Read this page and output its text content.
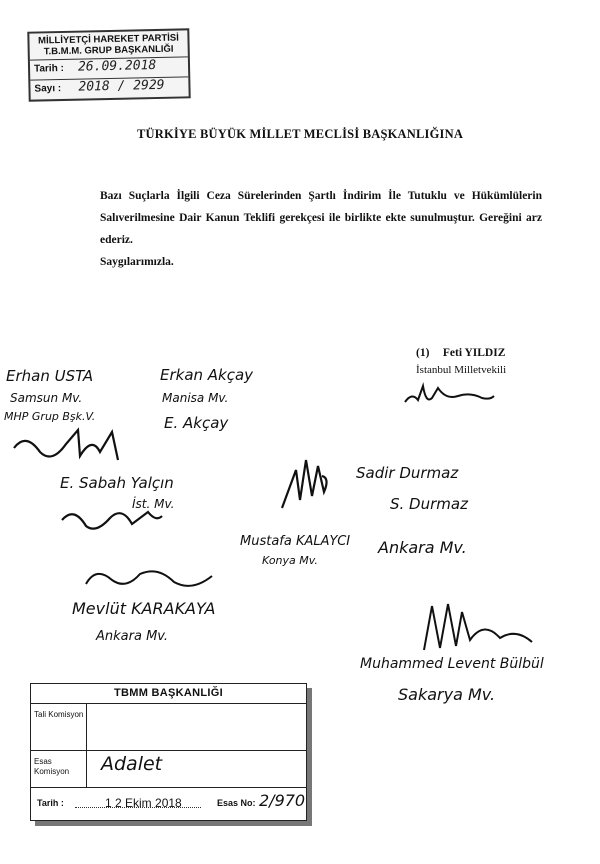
MİLLİYETÇİ HAREKET PARTİSİ
T.B.M.M. GRUP BAŞKANLIĞI
Tarih : 26.09.2018
Sayı : 2018 / 2929
TÜRKİYE BÜYÜK MİLLET MECLİSİ BAŞKANLIĞINA

Bazı Suçlarla İlgili Ceza Sürelerinden Şartlı İndirim İle Tutuklu ve Hükümlülerin Salıverilmesine Dair Kanun Teklifi gerekçesi ile birlikte ekte sunulmuştur. Gereğini arz ederiz.

Saygılarımızla.

(1) Feti YILDIZ
İstanbul Milletvekili
Erhan USTA
Samsun Mv.
MHP Grup Bşk.V.
Erkan Akçay
Manisa Mv.
E. Akçay
E. Sabah Yalçın
İst. Mv.
Mustafa KALAYCI
Konya Mv.
Sadir Durmaz
S. Durmaz
Ankara Mv.
Mevlüt KARAKAYA
Ankara Mv.
Muhammed Levent Bülbül
Sakarya Mv.
TBMM BAŞKANLIĞI
Tali Komisyon
Esas Komisyon	Adalet
Tarih :	1 2 Ekim 2018	Esas No: 2/970
